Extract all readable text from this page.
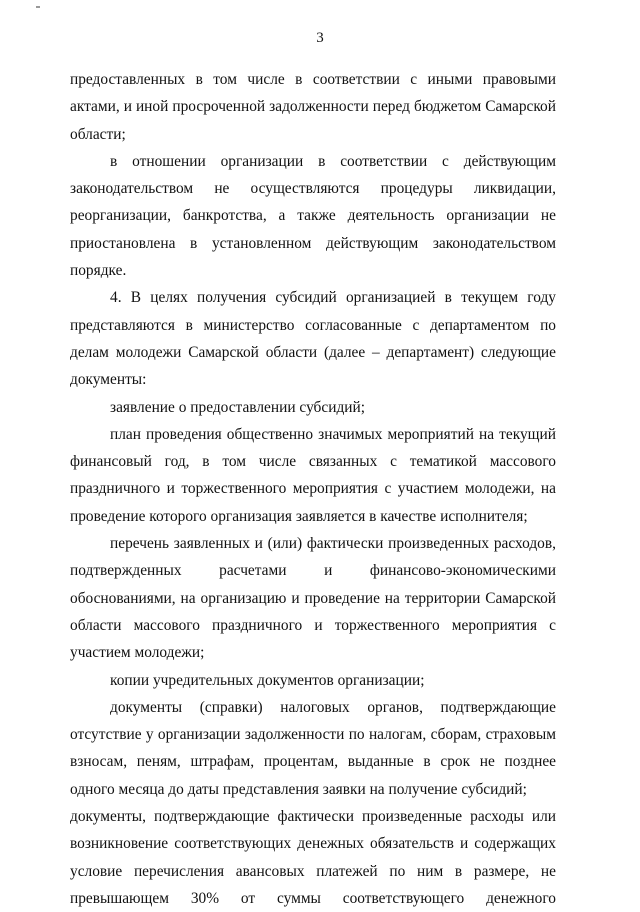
3

предоставленных в том числе в соответствии с иными правовыми актами, и иной просроченной задолженности перед бюджетом Самарской области;

в отношении организации в соответствии с действующим законодательством не осуществляются процедуры ликвидации, реорганизации, банкротства, а также деятельность организации не приостановлена в установленном действующим законодательством порядке.

4. В целях получения субсидий организацией в текущем году представляются в министерство согласованные с департаментом по делам молодежи Самарской области (далее – департамент) следующие документы:

заявление о предоставлении субсидий;

план проведения общественно значимых мероприятий на текущий финансовый год, в том числе связанных с тематикой массового праздничного и торжественного мероприятия с участием молодежи, на проведение которого организация заявляется в качестве исполнителя;

перечень заявленных и (или) фактически произведенных расходов, подтвержденных расчетами и финансово-экономическими обоснованиями, на организацию и проведение на территории Самарской области массового праздничного и торжественного мероприятия с участием молодежи;

копии учредительных документов организации;

документы (справки) налоговых органов, подтверждающие отсутствие у организации задолженности по налогам, сборам, страховым взносам, пеням, штрафам, процентам, выданные в срок не позднее одного месяца до даты представления заявки на получение субсидий;

документы, подтверждающие фактически произведенные расходы или возникновение соответствующих денежных обязательств и содержащих условие перечисления авансовых платежей по ним в размере, не превышающем 30% от суммы соответствующего денежного
